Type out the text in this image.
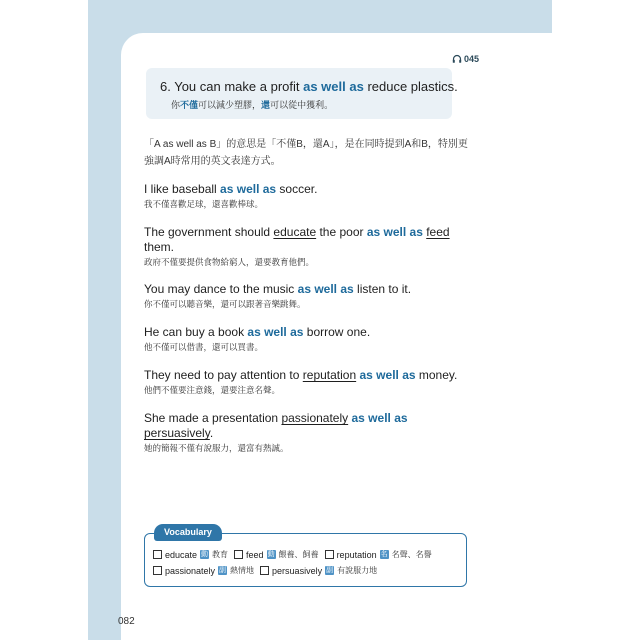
045
6. You can make a profit as well as reduce plastics.
你不僅可以減少塑膠，還可以從中獲利。
「A as well as B」的意思是「不僅B，還A」，是在同時提到A和B，特別更強調A時常用的英文表達方式。
I like baseball as well as soccer.
我不僅喜歡足球，還喜歡棒球。
The government should educate the poor as well as feed
them.
政府不僅要提供食物給窮人，還要教育他們。
You may dance to the music as well as listen to it.
你不僅可以聽音樂，還可以跟著音樂跳舞。
He can buy a book as well as borrow one.
他不僅可以借書，還可以買書。
They need to pay attention to reputation as well as money.
他們不僅要注意錢，還要注意名聲。
She made a presentation passionately as well as persuasively.
她的簡報不僅有說服力，還富有熱誠。
Vocabulary
educate 動 教育 feed 動 餵養、飼養 reputation 名 名聲、名譽
passionately 副 熱情地 persuasively 副 有說服力地
082
